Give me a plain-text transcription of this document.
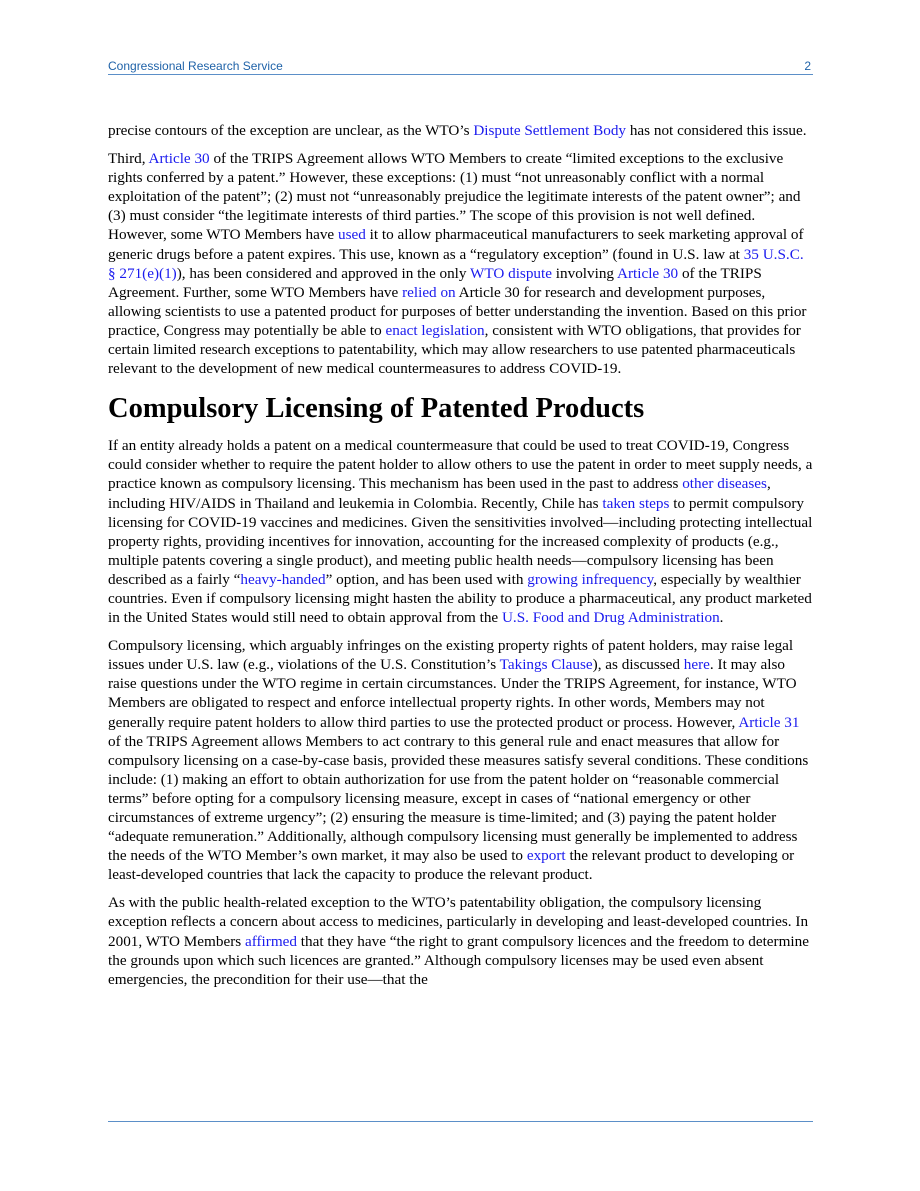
Congressional Research Service	2

precise contours of the exception are unclear, as the WTO’s Dispute Settlement Body has not considered this issue.

Third, Article 30 of the TRIPS Agreement allows WTO Members to create “limited exceptions to the exclusive rights conferred by a patent.” However, these exceptions: (1) must “not unreasonably conflict with a normal exploitation of the patent”; (2) must not “unreasonably prejudice the legitimate interests of the patent owner”; and (3) must consider “the legitimate interests of third parties.” The scope of this provision is not well defined. However, some WTO Members have used it to allow pharmaceutical manufacturers to seek marketing approval of generic drugs before a patent expires. This use, known as a “regulatory exception” (found in U.S. law at 35 U.S.C. § 271(e)(1)), has been considered and approved in the only WTO dispute involving Article 30 of the TRIPS Agreement. Further, some WTO Members have relied on Article 30 for research and development purposes, allowing scientists to use a patented product for purposes of better understanding the invention. Based on this prior practice, Congress may potentially be able to enact legislation, consistent with WTO obligations, that provides for certain limited research exceptions to patentability, which may allow researchers to use patented pharmaceuticals relevant to the development of new medical countermeasures to address COVID-19.

Compulsory Licensing of Patented Products

If an entity already holds a patent on a medical countermeasure that could be used to treat COVID-19, Congress could consider whether to require the patent holder to allow others to use the patent in order to meet supply needs, a practice known as compulsory licensing. This mechanism has been used in the past to address other diseases, including HIV/AIDS in Thailand and leukemia in Colombia. Recently, Chile has taken steps to permit compulsory licensing for COVID-19 vaccines and medicines. Given the sensitivities involved—including protecting intellectual property rights, providing incentives for innovation, accounting for the increased complexity of products (e.g., multiple patents covering a single product), and meeting public health needs—compulsory licensing has been described as a fairly “heavy-handed” option, and has been used with growing infrequency, especially by wealthier countries. Even if compulsory licensing might hasten the ability to produce a pharmaceutical, any product marketed in the United States would still need to obtain approval from the U.S. Food and Drug Administration.

Compulsory licensing, which arguably infringes on the existing property rights of patent holders, may raise legal issues under U.S. law (e.g., violations of the U.S. Constitution’s Takings Clause), as discussed here. It may also raise questions under the WTO regime in certain circumstances. Under the TRIPS Agreement, for instance, WTO Members are obligated to respect and enforce intellectual property rights. In other words, Members may not generally require patent holders to allow third parties to use the protected product or process. However, Article 31 of the TRIPS Agreement allows Members to act contrary to this general rule and enact measures that allow for compulsory licensing on a case-by-case basis, provided these measures satisfy several conditions. These conditions include: (1) making an effort to obtain authorization for use from the patent holder on “reasonable commercial terms” before opting for a compulsory licensing measure, except in cases of “national emergency or other circumstances of extreme urgency”; (2) ensuring the measure is time-limited; and (3) paying the patent holder “adequate remuneration.” Additionally, although compulsory licensing must generally be implemented to address the needs of the WTO Member’s own market, it may also be used to export the relevant product to developing or least-developed countries that lack the capacity to produce the relevant product.

As with the public health-related exception to the WTO’s patentability obligation, the compulsory licensing exception reflects a concern about access to medicines, particularly in developing and least-developed countries. In 2001, WTO Members affirmed that they have “the right to grant compulsory licences and the freedom to determine the grounds upon which such licences are granted.” Although compulsory licenses may be used even absent emergencies, the precondition for their use—that the
